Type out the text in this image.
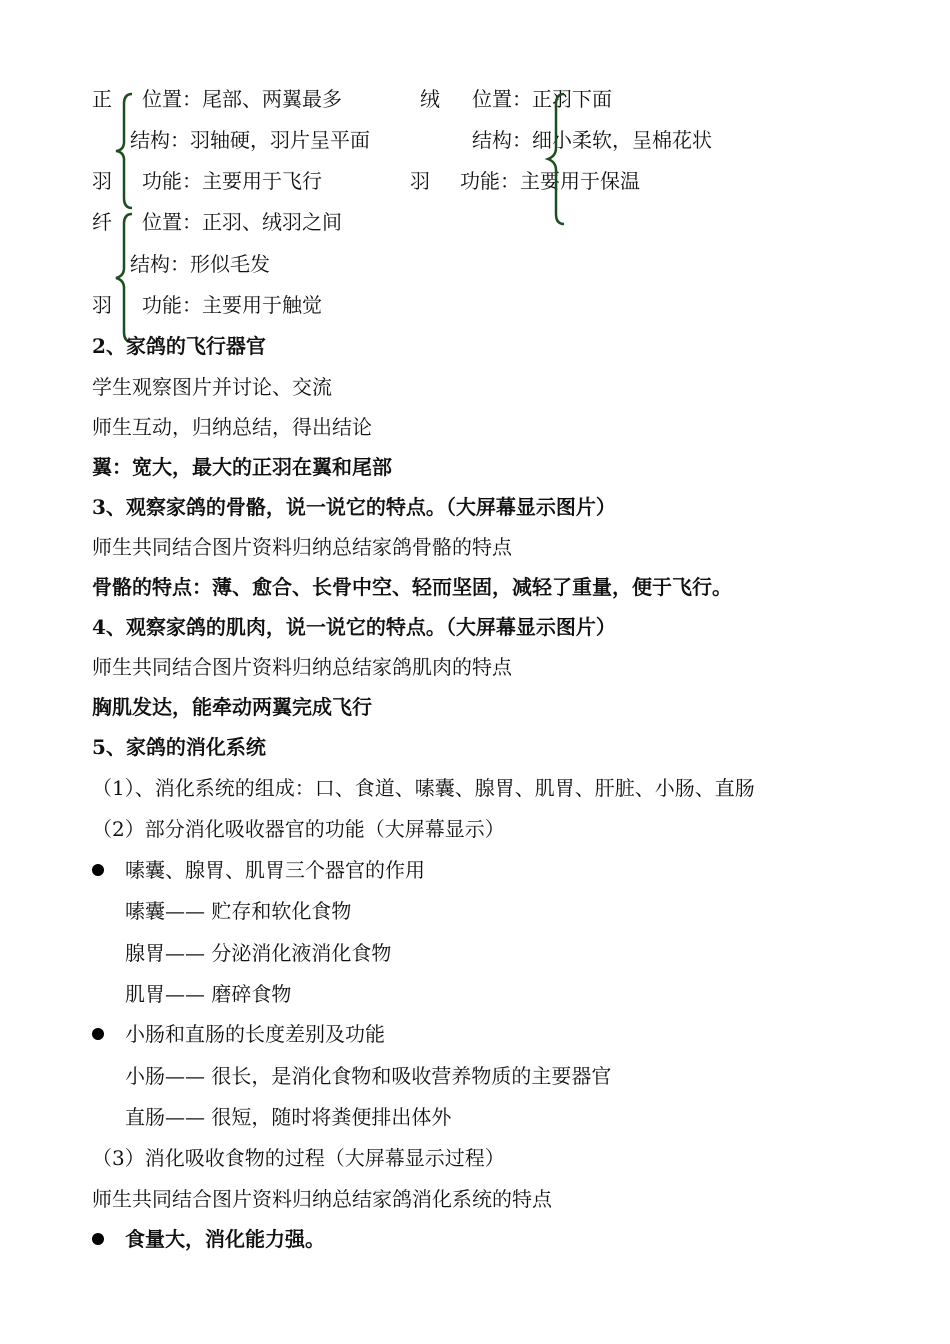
正
羽
位置：尾部、两翼最多
结构：羽轴硬，羽片呈平面
功能：主要用于飞行
绒
羽
位置：正羽下面
结构：细小柔软，呈棉花状
功能：主要用于保温
纤
羽
位置：正羽、绒羽之间
结构：形似毛发
功能：主要用于触觉
2、家鸽的飞行器官
学生观察图片并讨论、交流
师生互动，归纳总结，得出结论
翼：宽大，最大的正羽在翼和尾部
3、观察家鸽的骨骼，说一说它的特点。（大屏幕显示图片）
师生共同结合图片资料归纳总结家鸽骨骼的特点
骨骼的特点：薄、愈合、长骨中空、轻而坚固，减轻了重量，便于飞行。
4、观察家鸽的肌肉，说一说它的特点。（大屏幕显示图片）
师生共同结合图片资料归纳总结家鸽肌肉的特点
胸肌发达，能牵动两翼完成飞行
5、家鸽的消化系统
（1）、消化系统的组成：口、食道、嗉囊、腺胃、肌胃、肝脏、小肠、直肠
（2）部分消化吸收器官的功能（大屏幕显示）
嗉囊、腺胃、肌胃三个器官的作用
嗉囊—— 贮存和软化食物
腺胃—— 分泌消化液消化食物
肌胃—— 磨碎食物
小肠和直肠的长度差别及功能
小肠—— 很长，是消化食物和吸收营养物质的主要器官
直肠—— 很短，随时将粪便排出体外
（3）消化吸收食物的过程（大屏幕显示过程）
师生共同结合图片资料归纳总结家鸽消化系统的特点
食量大，消化能力强。
